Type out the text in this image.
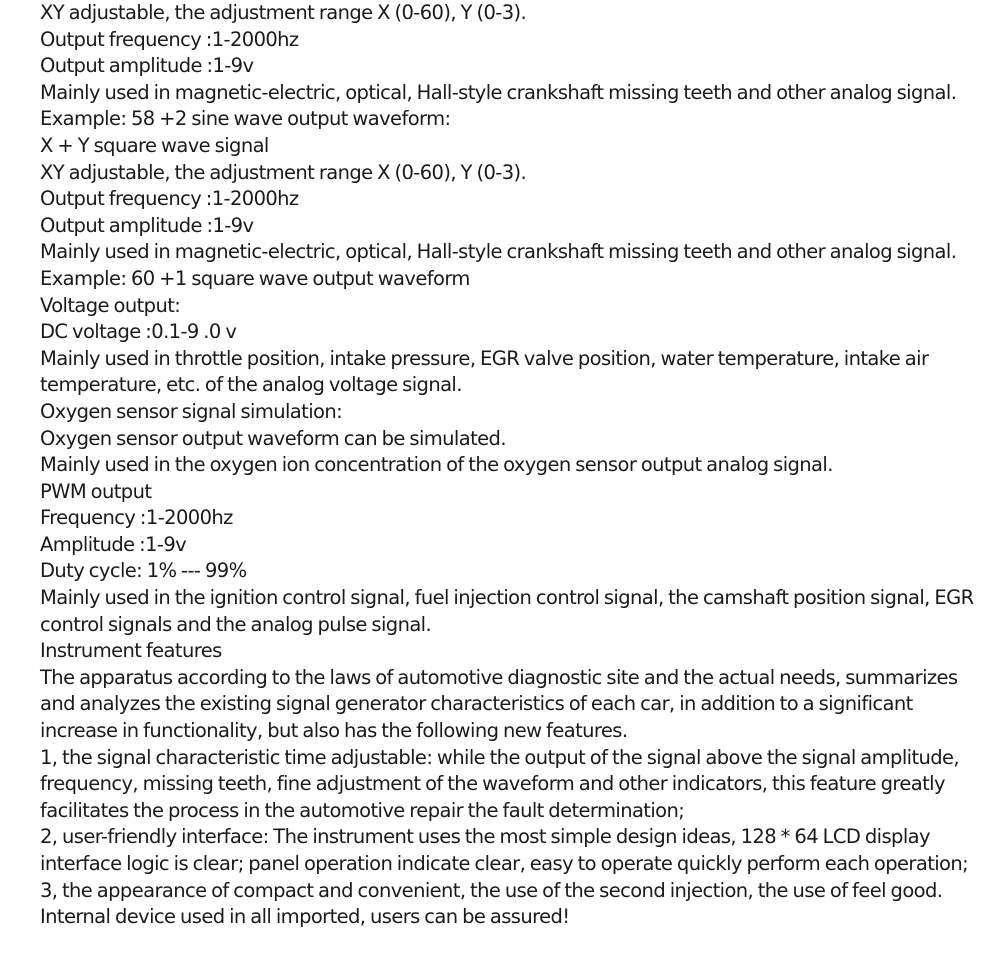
XY adjustable, the adjustment range X (0-60), Y (0-3).
Output frequency :1-2000hz
Output amplitude :1-9v
Mainly used in magnetic-electric, optical, Hall-style crankshaft missing teeth and other analog signal.
Example: 58 +2 sine wave output waveform:
X + Y square wave signal
XY adjustable, the adjustment range X (0-60), Y (0-3).
Output frequency :1-2000hz
Output amplitude :1-9v
Mainly used in magnetic-electric, optical, Hall-style crankshaft missing teeth and other analog signal.
Example: 60 +1 square wave output waveform
Voltage output:
DC voltage :0.1-9 .0 v
Mainly used in throttle position, intake pressure, EGR valve position, water temperature, intake air
temperature, etc. of the analog voltage signal.
Oxygen sensor signal simulation:
Oxygen sensor output waveform can be simulated.
Mainly used in the oxygen ion concentration of the oxygen sensor output analog signal.
PWM output
Frequency :1-2000hz
Amplitude :1-9v
Duty cycle: 1% --- 99%
Mainly used in the ignition control signal, fuel injection control signal, the camshaft position signal, EGR
control signals and the analog pulse signal.
Instrument features
The apparatus according to the laws of automotive diagnostic site and the actual needs, summarizes
and analyzes the existing signal generator characteristics of each car, in addition to a significant
increase in functionality, but also has the following new features.
1, the signal characteristic time adjustable: while the output of the signal above the signal amplitude,
frequency, missing teeth, fine adjustment of the waveform and other indicators, this feature greatly
facilitates the process in the automotive repair the fault determination;
2, user-friendly interface: The instrument uses the most simple design ideas, 128 * 64 LCD display
interface logic is clear; panel operation indicate clear, easy to operate quickly perform each operation;
3, the appearance of compact and convenient, the use of the second injection, the use of feel good.
Internal device used in all imported, users can be assured!
